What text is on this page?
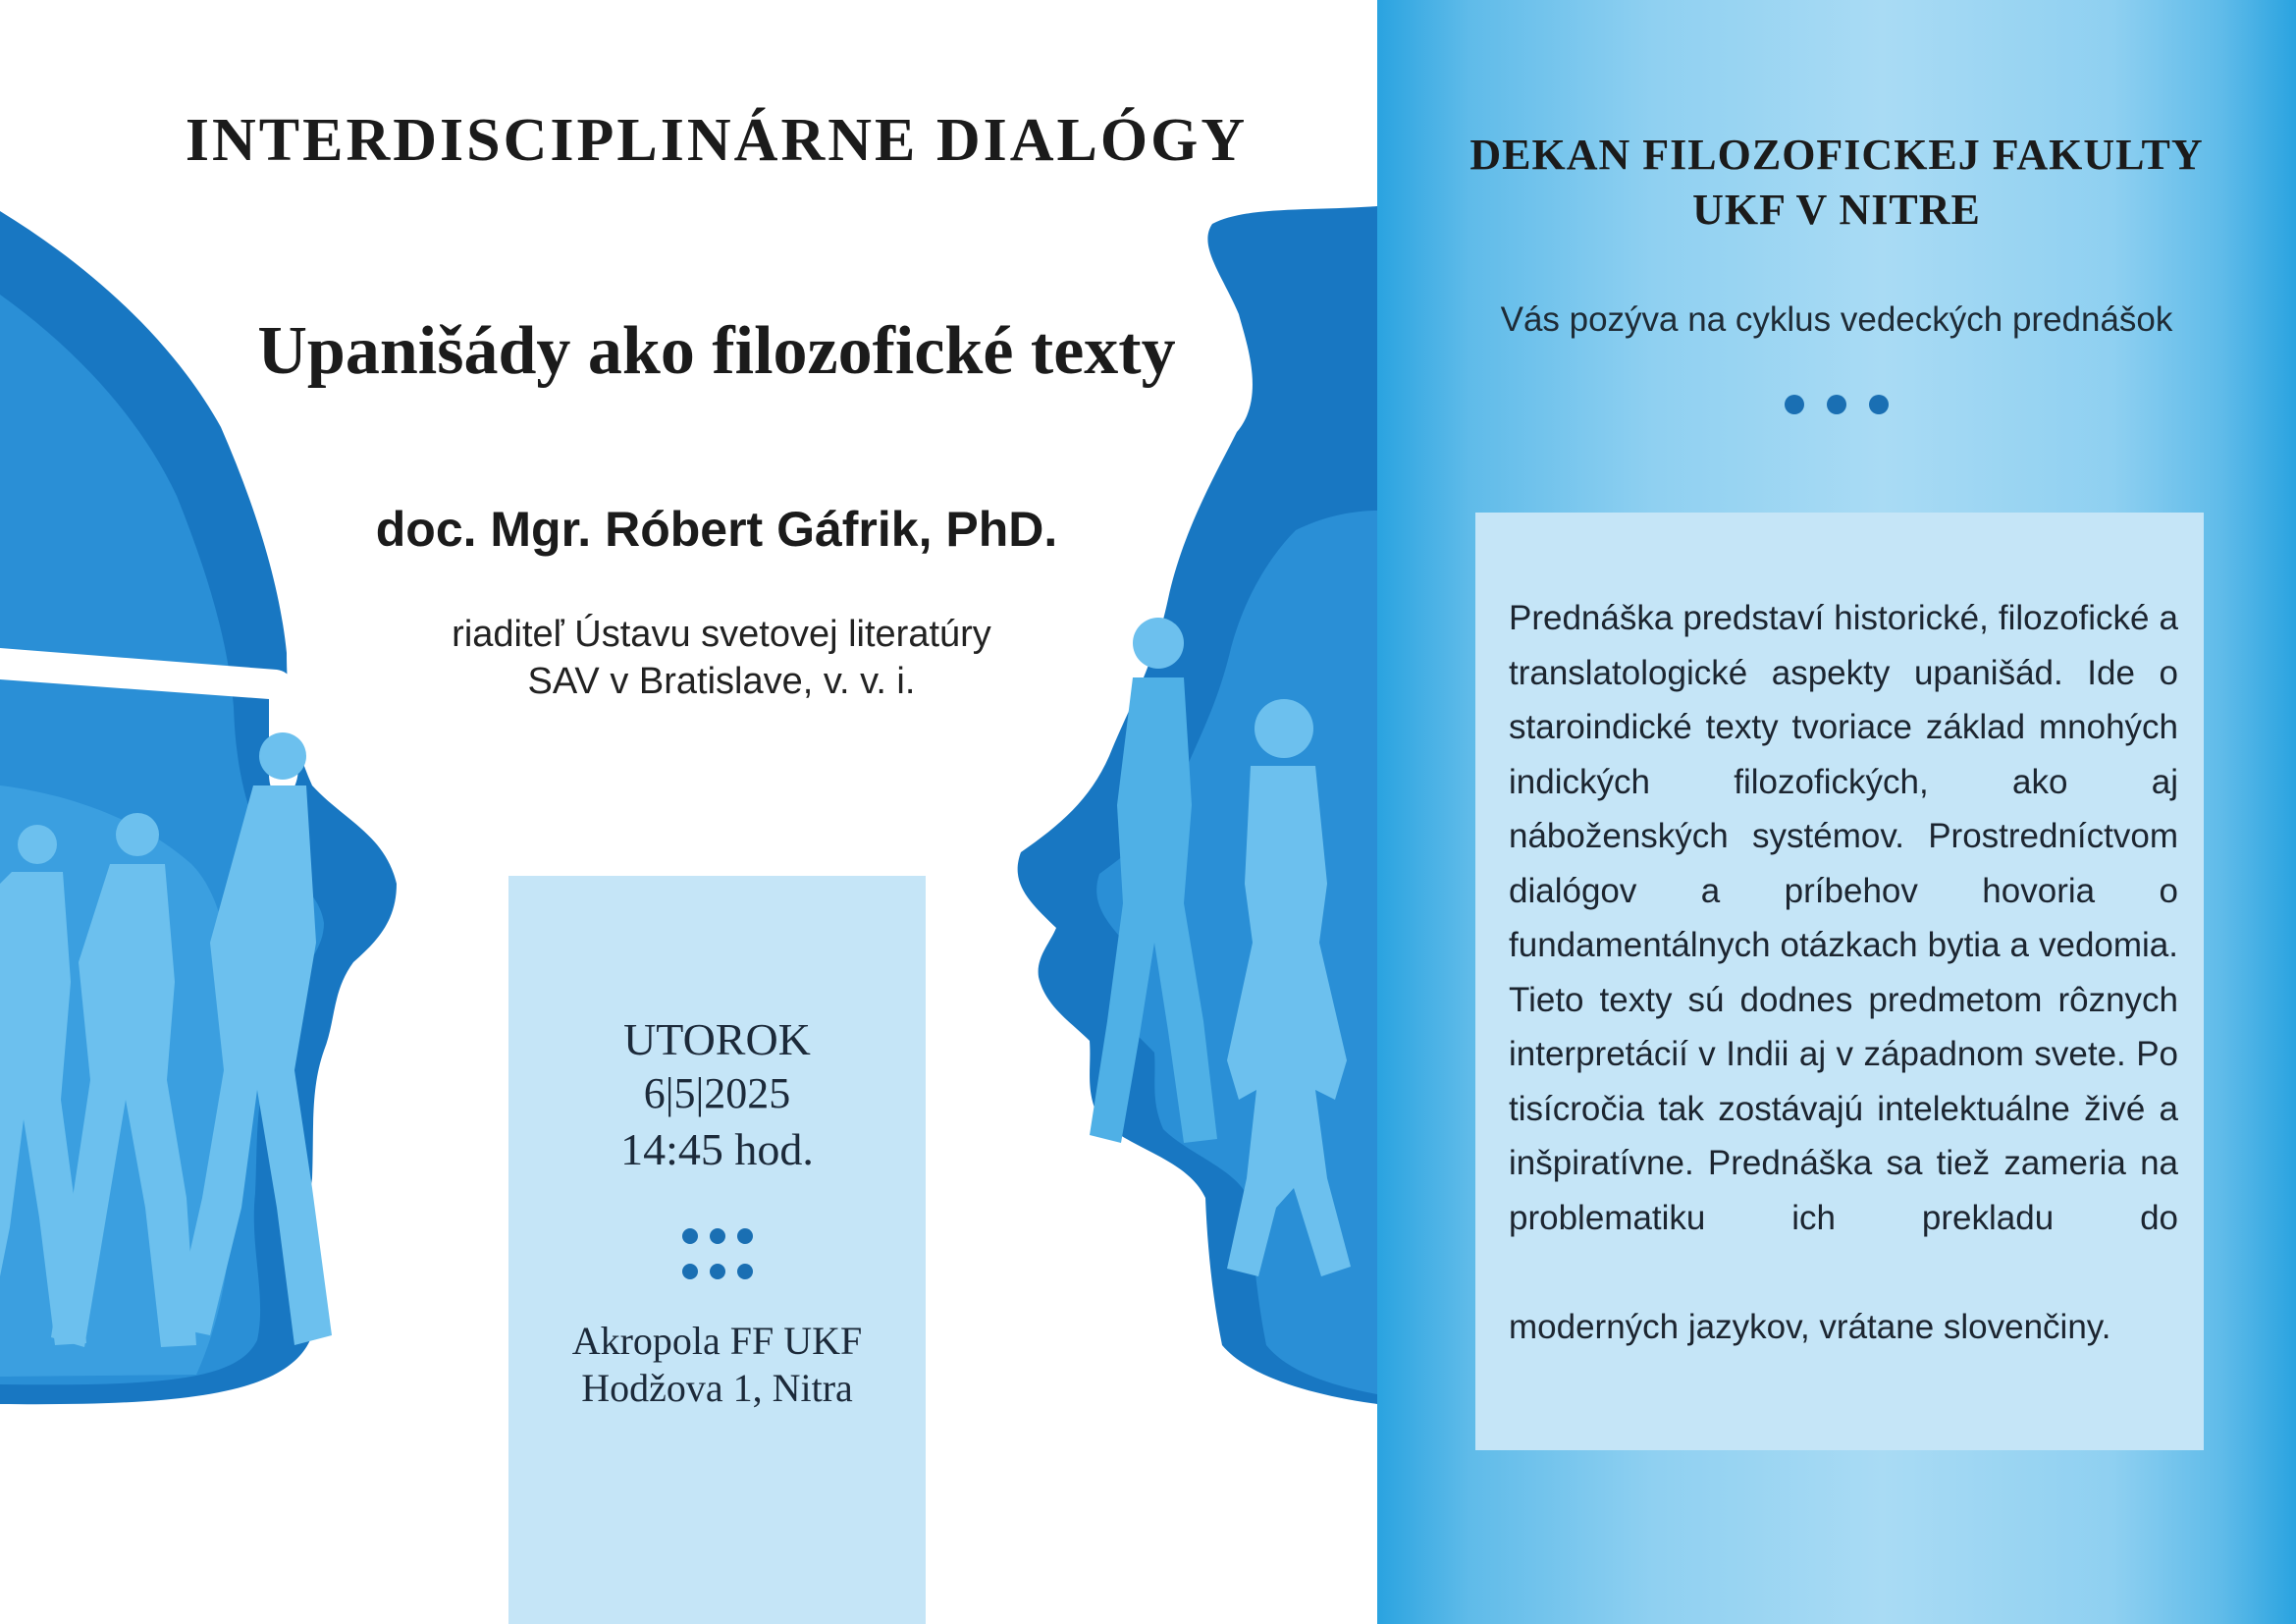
INTERDISCIPLINÁRNE DIALÓGY
Upanišády ako filozofické texty
doc. Mgr. Róbert Gáfrik, PhD.
riaditeľ Ústavu svetovej literatúry
SAV v Bratislave, v. v. i.
UTOROK
6|5|2025
14:45 hod.
Akropola FF UKF
Hodžova 1, Nitra
DEKAN FILOZOFICKEJ FAKULTY
UKF V NITRE
Vás pozýva na cyklus vedeckých prednášok

Prednáška predstaví historické, filozofické a translatologické aspekty upanišád. Ide o staroindické texty tvoriace základ mnohých indických filozofických, ako aj náboženských systémov. Prostredníctvom dialógov a príbehov hovoria o fundamentálnych otázkach bytia a vedomia. Tieto texty sú dodnes predmetom rôznych interpretácií v Indii aj v západnom svete. Po tisícročia tak zostávajú intelektuálne živé a inšpiratívne. Prednáška sa tiež zameria na problematiku ich prekladu do

moderných jazykov, vrátane slovenčiny.
